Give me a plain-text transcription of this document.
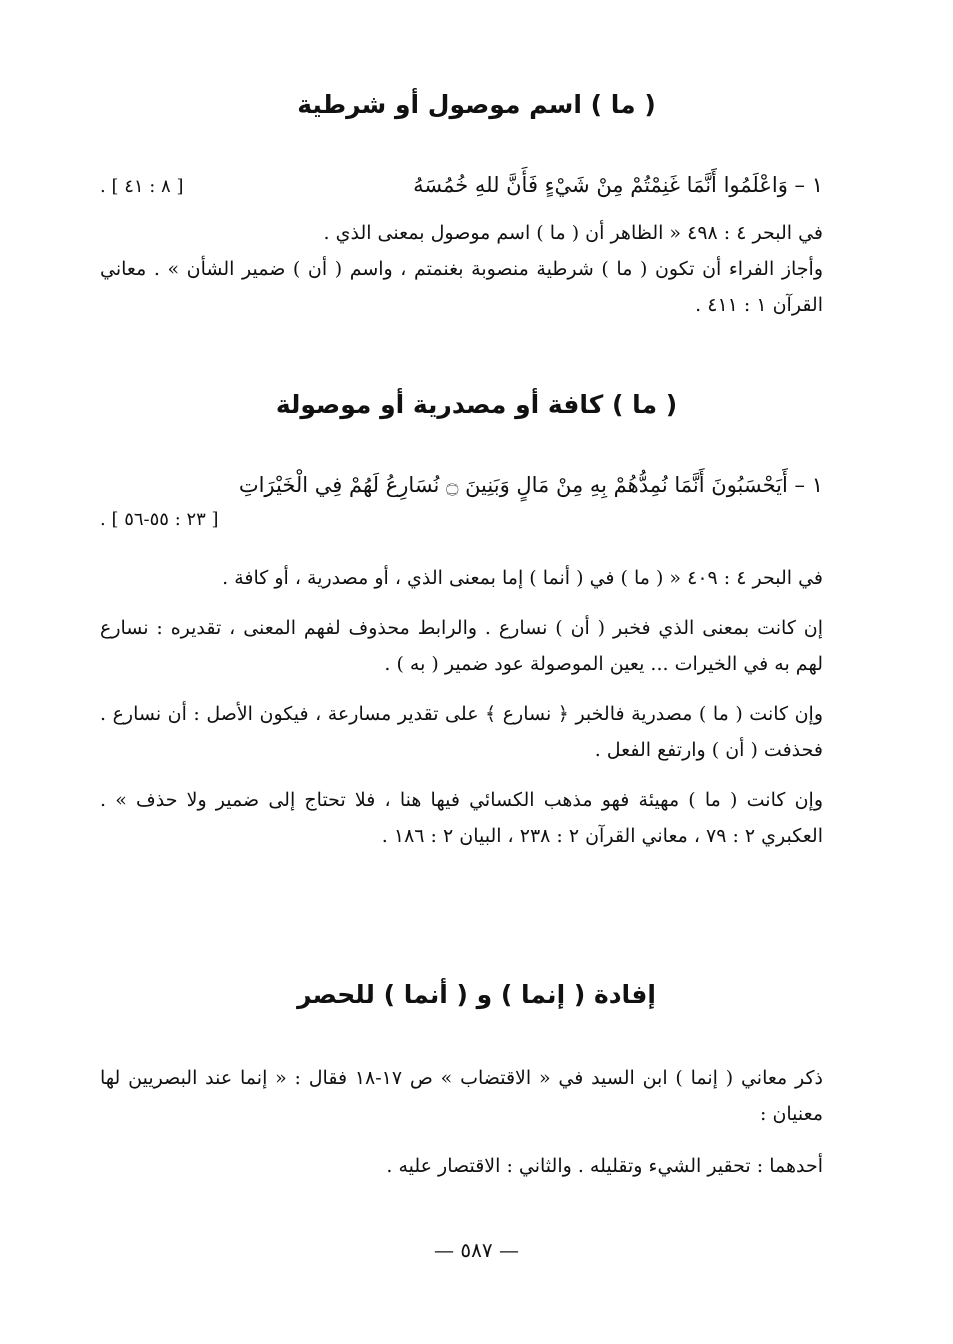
( ما ) اسم موصول أو شرطية

١ – وَاعْلَمُوا أَنَّمَا غَنِمْتُمْ مِنْ شَيْءٍ فَأَنَّ للهِ خُمُسَهُ

[ ٨ : ٤١ ] .

في البحر ٤ : ٤٩٨ « الظاهر أن ( ما ) اسم موصول بمعنى الذي .

وأجاز الفراء أن تكون ( ما ) شرطية منصوبة بغنمتم ، واسم ( أن ) ضمير الشأن » . معاني القرآن ١ : ٤١١ .

( ما ) كافة أو مصدرية أو موصولة

١ – أَيَحْسَبُونَ أَنَّمَا نُمِدُّهُمْ بِهِ مِنْ مَالٍ وَبَنِينَ ۝ نُسَارِعُ لَهُمْ فِي الْخَيْرَاتِ

[ ٢٣ : ٥٥-٥٦ ] .

في البحر ٤ : ٤٠٩ « ( ما ) في ( أنما ) إما بمعنى الذي ، أو مصدرية ، أو كافة .

إن كانت بمعنى الذي فخبر ( أن ) نسارع . والرابط محذوف لفهم المعنى ، تقديره : نسارع لهم به في الخيرات ... يعين الموصولة عود ضمير ( به ) .

وإن كانت ( ما ) مصدرية فالخبر ﴿ نسارع ﴾ على تقدير مسارعة ، فيكون الأصل : أن نسارع . فحذفت ( أن ) وارتفع الفعل .

وإن كانت ( ما ) مهيئة فهو مذهب الكسائي فيها هنا ، فلا تحتاج إلى ضمير ولا حذف » . العكبري ٢ : ٧٩ ، معاني القرآن ٢ : ٢٣٨ ، البيان ٢ : ١٨٦ .

إفادة ( إنما ) و ( أنما ) للحصر

ذكر معاني ( إنما ) ابن السيد في « الاقتضاب » ص ١٧-١٨ فقال : « إنما عند البصريين لها معنيان :

أحدهما : تحقير الشيء وتقليله . والثاني : الاقتصار عليه .

— ٥٨٧ —
